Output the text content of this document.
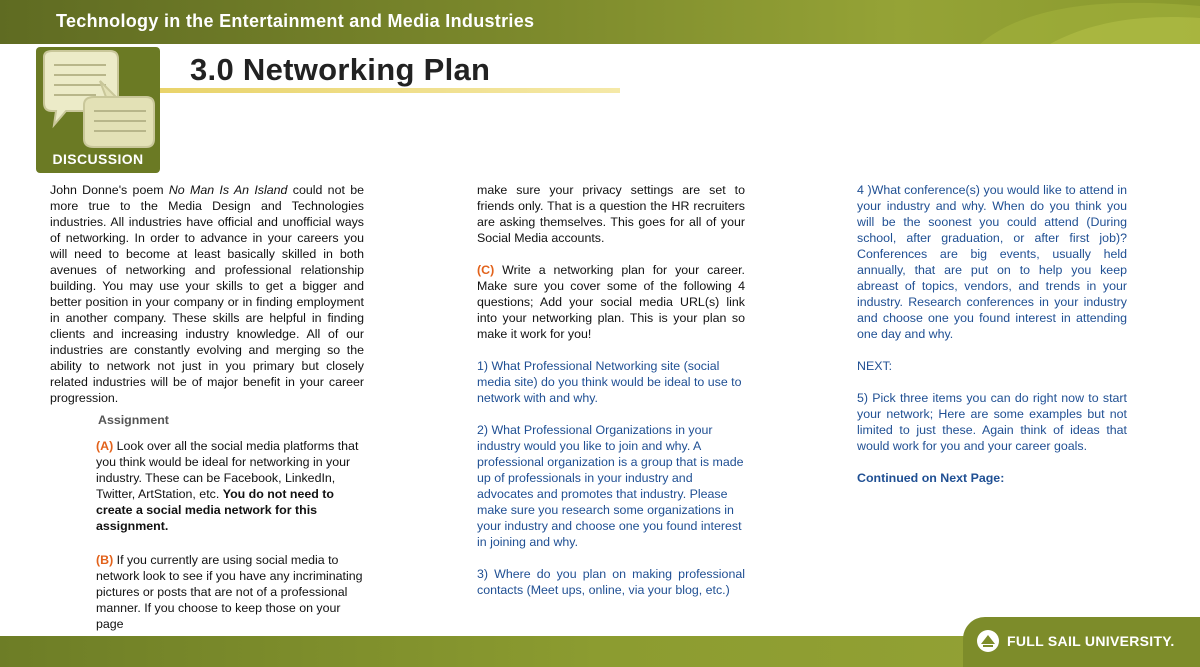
Technology in the Entertainment and Media Industries
DISCUSSION
3.0 Networking Plan

John Donne's poem No Man Is An Island could not be more true to the Media Design and Technologies industries. All industries have official and unofficial ways of networking. In order to advance in your careers you will need to become at least basically skilled in both avenues of networking and professional relationship building. You may use your skills to get a bigger and better position in your company or in finding employment in another company. These skills are helpful in finding clients and increasing industry knowledge. All of our industries are constantly evolving and merging so the ability to network not just in you primary but closely related industries will be of major benefit in your career progression.

Assignment

(A) Look over all the social media platforms that you think would be ideal for networking in your industry. These can be Facebook, LinkedIn, Twitter, ArtStation, etc. You do not need to create a social media network for this assignment.

(B) If you currently are using social media to network look to see if you have any incriminating pictures or posts that are not of a professional manner. If you choose to keep those on your page

make sure your privacy settings are set to friends only. That is a question the HR recruiters are asking themselves. This goes for all of your Social Media accounts.

(C) Write a networking plan for your career. Make sure you cover some of the following 4 questions; Add your social media URL(s) link into your networking plan. This is your plan so make it work for you!

1) What Professional Networking site (social media site) do you think would be ideal to use to network with and why.

2) What Professional Organizations in your industry would you like to join and why. A professional organization is a group that is made up of professionals in your industry and advocates and promotes that industry. Please make sure you research some organizations in your industry and choose one you found interest in joining and why.

3) Where do you plan on making professional contacts (Meet ups, online, via your blog, etc.)

4 )What conference(s) you would like to attend in your industry and why. When do you think you will be the soonest you could attend (During school, after graduation, or after first job)? Conferences are big events, usually held annually, that are put on to help you keep abreast of topics, vendors, and trends in your industry. Research conferences in your industry and choose one you found interest in attending one day and why.

NEXT:

5) Pick three items you can do right now to start your network; Here are some examples but not limited to just these. Again think of ideas that would work for you and your career goals.

Continued on Next Page:

FULL SAIL UNIVERSITY.
